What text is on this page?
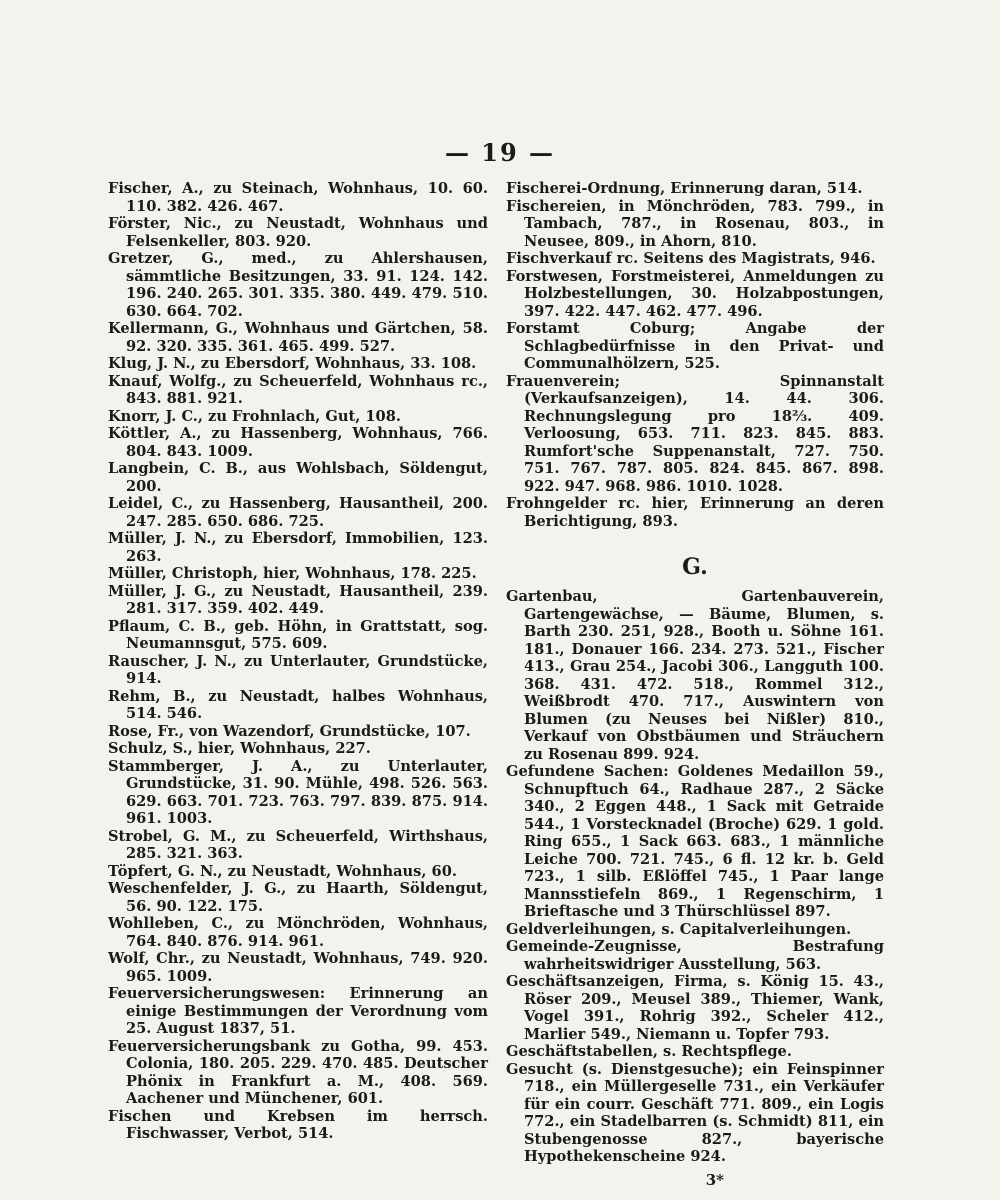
— 19 —

Fischer, A., zu Steinach, Wohnhaus, 10. 60. 110. 382. 426. 467.

Förster, Nic., zu Neustadt, Wohnhaus und Felsenkeller, 803. 920.

Gretzer, G., med., zu Ahlershausen, sämmtliche Besitzungen, 33. 91. 124. 142. 196. 240. 265. 301. 335. 380. 449. 479. 510. 630. 664. 702.

Kellermann, G., Wohnhaus und Gärtchen, 58. 92. 320. 335. 361. 465. 499. 527.

Klug, J. N., zu Ebersdorf, Wohnhaus, 33. 108.

Knauf, Wolfg., zu Scheuerfeld, Wohnhaus rc., 843. 881. 921.

Knorr, J. C., zu Frohnlach, Gut, 108.

Köttler, A., zu Hassenberg, Wohnhaus, 766. 804. 843. 1009.

Langbein, C. B., aus Wohlsbach, Söldengut, 200.

Leidel, C., zu Hassenberg, Hausantheil, 200. 247. 285. 650. 686. 725.

Müller, J. N., zu Ebersdorf, Immobilien, 123. 263.

Müller, Christoph, hier, Wohnhaus, 178. 225.

Müller, J. G., zu Neustadt, Hausantheil, 239. 281. 317. 359. 402. 449.

Pflaum, C. B., geb. Höhn, in Grattstatt, sog. Neumannsgut, 575. 609.

Rauscher, J. N., zu Unterlauter, Grundstücke, 914.

Rehm, B., zu Neustadt, halbes Wohnhaus, 514. 546.

Rose, Fr., von Wazendorf, Grundstücke, 107.

Schulz, S., hier, Wohnhaus, 227.

Stammberger, J. A., zu Unterlauter, Grundstücke, 31. 90. Mühle, 498. 526. 563. 629. 663. 701. 723. 763. 797. 839. 875. 914. 961. 1003.

Strobel, G. M., zu Scheuerfeld, Wirthshaus, 285. 321. 363.

Töpfert, G. N., zu Neustadt, Wohnhaus, 60.

Weschenfelder, J. G., zu Haarth, Söldengut, 56. 90. 122. 175.

Wohlleben, C., zu Mönchröden, Wohnhaus, 764. 840. 876. 914. 961.

Wolf, Chr., zu Neustadt, Wohnhaus, 749. 920. 965. 1009.

Feuerversicherungswesen: Erinnerung an einige Bestimmungen der Verordnung vom 25. August 1837, 51.

Feuerversicherungsbank zu Gotha, 99. 453. Colonia, 180. 205. 229. 470. 485. Deutscher Phönix in Frankfurt a. M., 408. 569. Aachener und Münchener, 601.

Fischen und Krebsen im herrsch. Fischwasser, Verbot, 514.

Fischerei-Ordnung, Erinnerung daran, 514.

Fischereien, in Mönchröden, 783. 799., in Tambach, 787., in Rosenau, 803., in Neusee, 809., in Ahorn, 810.

Fischverkauf rc. Seitens des Magistrats, 946.

Forstwesen, Forstmeisterei, Anmeldungen zu Holzbestellungen, 30. Holzabpostungen, 397. 422. 447. 462. 477. 496.

Forstamt Coburg; Angabe der Schlagbedürfnisse in den Privat- und Communalhölzern, 525.

Frauenverein; Spinnanstalt (Verkaufsanzeigen), 14. 44. 306. Rechnungslegung pro 18⅔. 409. Verloosung, 653. 711. 823. 845. 883. Rumfort'sche Suppenanstalt, 727. 750. 751. 767. 787. 805. 824. 845. 867. 898. 922. 947. 968. 986. 1010. 1028.

Frohngelder rc. hier, Erinnerung an deren Berichtigung, 893.

G.

Gartenbau, Gartenbauverein, Gartengewächse, — Bäume, Blumen, s. Barth 230. 251, 928., Booth u. Söhne 161. 181., Donauer 166. 234. 273. 521., Fischer 413., Grau 254., Jacobi 306., Langguth 100. 368. 431. 472. 518., Rommel 312., Weißbrodt 470. 717., Auswintern von Blumen (zu Neuses bei Nißler) 810., Verkauf von Obstbäumen und Sträuchern zu Rosenau 899. 924.

Gefundene Sachen: Goldenes Medaillon 59., Schnupftuch 64., Radhaue 287., 2 Säcke 340., 2 Eggen 448., 1 Sack mit Getraide 544., 1 Vorstecknadel (Broche) 629. 1 gold. Ring 655., 1 Sack 663. 683., 1 männliche Leiche 700. 721. 745., 6 fl. 12 kr. b. Geld 723., 1 silb. Eßlöffel 745., 1 Paar lange Mannsstiefeln 869., 1 Regenschirm, 1 Brieftasche und 3 Thürschlüssel 897.

Geldverleihungen, s. Capitalverleihungen.

Gemeinde-Zeugnisse, Bestrafung wahrheitswidriger Ausstellung, 563.

Geschäftsanzeigen, Firma, s. König 15. 43., Röser 209., Meusel 389., Thiemer, Wank, Vogel 391., Rohrig 392., Scheler 412., Marlier 549., Niemann u. Topfer 793.

Geschäftstabellen, s. Rechtspflege.

Gesucht (s. Dienstgesuche); ein Feinspinner 718., ein Müllergeselle 731., ein Verkäufer für ein courr. Geschäft 771. 809., ein Logis 772., ein Stadelbarren (s. Schmidt) 811, ein Stubengenosse 827., bayerische Hypothekenscheine 924.

3*
